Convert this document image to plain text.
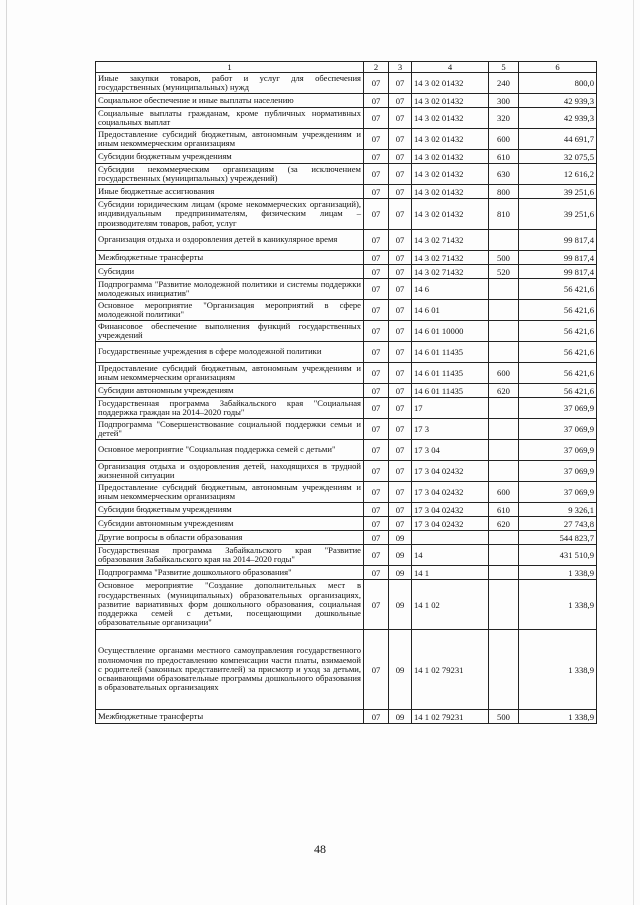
1	2	3	4	5	6
Иные закупки товаров, работ и услуг для обеспечения государственных (муниципальных) нужд	07	07	14 3 02 01432	240	800,0
Социальное обеспечение и иные выплаты населению	07	07	14 3 02 01432	300	42 939,3
Социальные выплаты гражданам, кроме публичных нормативных социальных выплат	07	07	14 3 02 01432	320	42 939,3
Предоставление субсидий бюджетным, автономным учреждениям и иным некоммерческим организациям	07	07	14 3 02 01432	600	44 691,7
Субсидии бюджетным учреждениям	07	07	14 3 02 01432	610	32 075,5
Субсидии некоммерческим организациям (за исключением государственных (муниципальных) учреждений)	07	07	14 3 02 01432	630	12 616,2
Иные бюджетные ассигнования	07	07	14 3 02 01432	800	39 251,6
Субсидии юридическим лицам (кроме некоммерческих организаций), индивидуальным предпринимателям, физическим лицам – производителям товаров, работ, услуг	07	07	14 3 02 01432	810	39 251,6
Организация отдыха и оздоровления детей в каникулярное время	07	07	14 3 02 71432		99 817,4
Межбюджетные трансферты	07	07	14 3 02 71432	500	99 817,4
Субсидии	07	07	14 3 02 71432	520	99 817,4
Подпрограмма "Развитие молодежной политики и системы поддержки молодежных инициатив"	07	07	14 6		56 421,6
Основное мероприятие "Организация мероприятий в сфере молодежной политики"	07	07	14 6 01		56 421,6
Финансовое обеспечение выполнения функций государственных учреждений	07	07	14 6 01 10000		56 421,6
Государственные учреждения в сфере молодежной политики	07	07	14 6 01 11435		56 421,6
Предоставление субсидий бюджетным, автономным учреждениям и иным некоммерческим организациям	07	07	14 6 01 11435	600	56 421,6
Субсидии автономным учреждениям	07	07	14 6 01 11435	620	56 421,6
Государственная программа Забайкальского края "Социальная поддержка граждан на 2014–2020 годы"	07	07	17		37 069,9
Подпрограмма "Совершенствование социальной поддержки семьи и детей"	07	07	17 3		37 069,9
Основное мероприятие "Социальная поддержка семей с детьми"	07	07	17 3 04		37 069,9
Организация отдыха и оздоровления детей, находящихся в трудной жизненной ситуации	07	07	17 3 04 02432		37 069,9
Предоставление субсидий бюджетным, автономным учреждениям и иным некоммерческим организациям	07	07	17 3 04 02432	600	37 069,9
Субсидии бюджетным учреждениям	07	07	17 3 04 02432	610	9 326,1
Субсидии автономным учреждениям	07	07	17 3 04 02432	620	27 743,8
Другие вопросы в области образования	07	09			544 823,7
Государственная программа Забайкальского края "Развитие образования Забайкальского края на 2014–2020 годы"	07	09	14		431 510,9
Подпрограмма "Развитие дошкольного образования"	07	09	14 1		1 338,9
Основное мероприятие "Создание дополнительных мест в государственных (муниципальных) образовательных организациях, развитие вариативных форм дошкольного образования, социальная поддержка семей с детьми, посещающими дошкольные образовательные организации"	07	09	14 1 02		1 338,9
Осуществление органами местного самоуправления государственного полномочия по предоставлению компенсации части платы, взимаемой с родителей (законных представителей) за присмотр и уход за детьми, осваивающими образовательные программы дошкольного образования в образовательных организациях	07	09	14 1 02 79231		1 338,9
Межбюджетные трансферты	07	09	14 1 02 79231	500	1 338,9
48
